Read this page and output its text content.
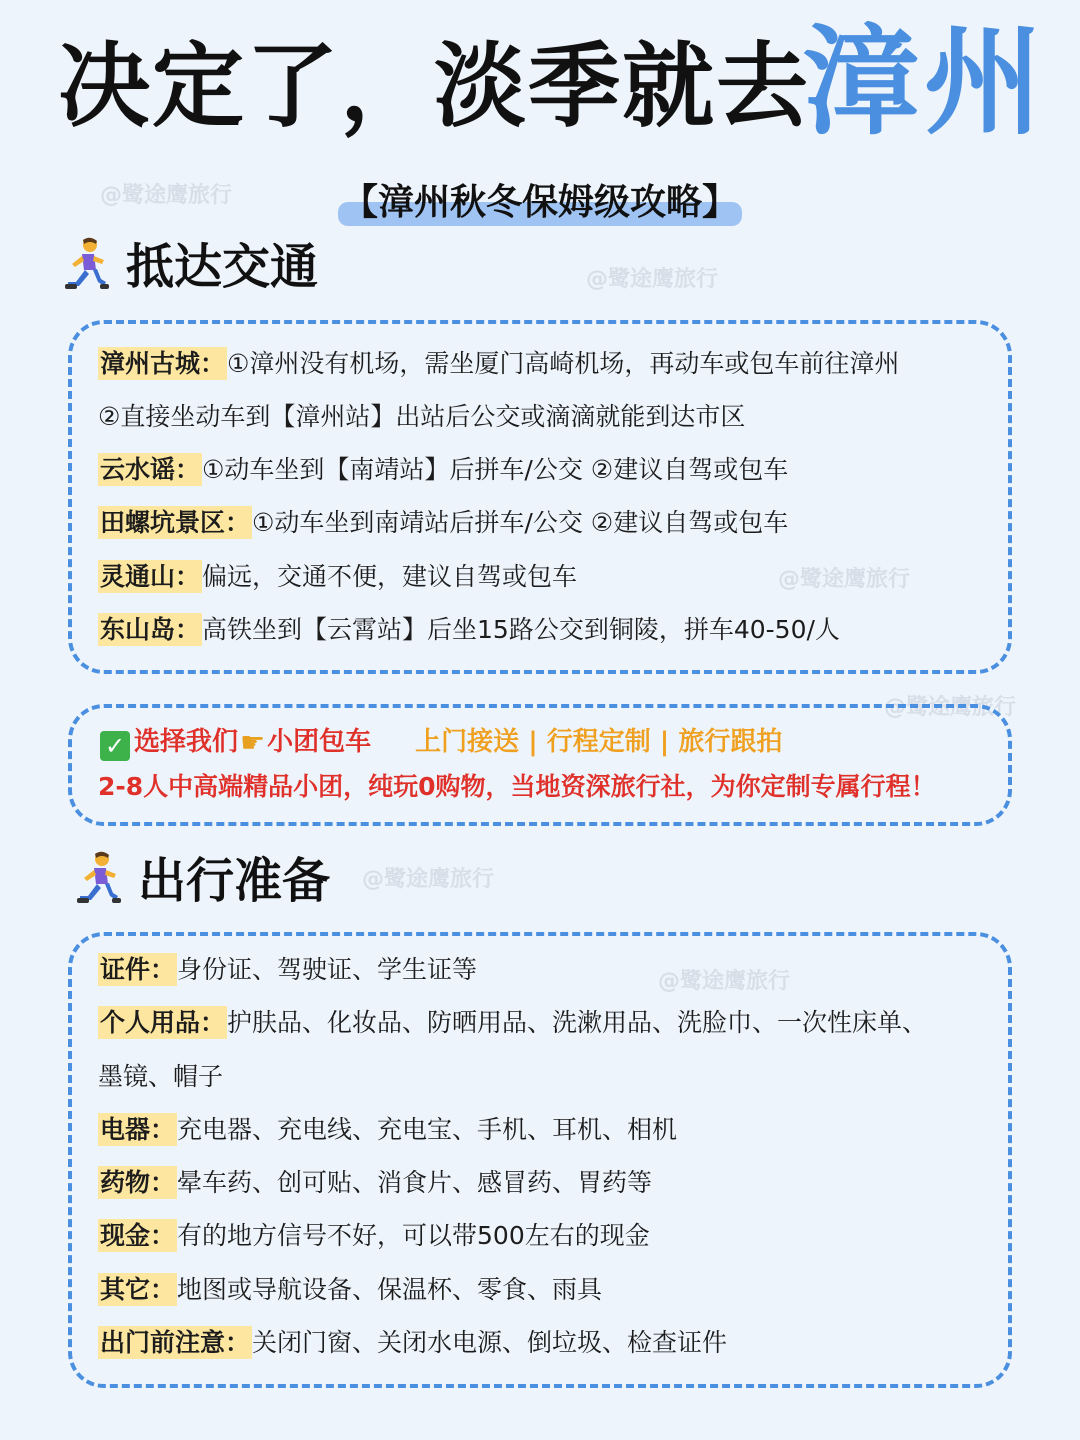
决定了，淡季就去
漳州
@鹭途鹰旅行
@鹭途鹰旅行
@鹭途鹰旅行
@鹭途鹰旅行
@鹭途鹰旅行
@鹭途鹰旅行
【漳州秋冬保姆级攻略】
抵达交通
漳州古城：①漳州没有机场，需坐厦门高崎机场，再动车或包车前往漳州
②直接坐动车到【漳州站】出站后公交或滴滴就能到达市区
云水谣：①动车坐到【南靖站】后拼车/公交 ②建议自驾或包车
田螺坑景区：①动车坐到南靖站后拼车/公交 ②建议自驾或包车
灵通山：偏远，交通不便，建议自驾或包车
东山岛：高铁坐到【云霄站】后坐15路公交到铜陵，拼车40-50/人
✓ 选择我们☛小团包车 上门接送 | 行程定制 | 旅行跟拍
2-8人中高端精品小团，纯玩0购物，当地资深旅行社，为你定制专属行程！
出行准备
证件：身份证、驾驶证、学生证等
个人用品：护肤品、化妆品、防晒用品、洗漱用品、洗脸巾、一次性床单、
墨镜、帽子
电器：充电器、充电线、充电宝、手机、耳机、相机
药物：晕车药、创可贴、消食片、感冒药、胃药等
现金：有的地方信号不好，可以带500左右的现金
其它：地图或导航设备、保温杯、零食、雨具
出门前注意：关闭门窗、关闭水电源、倒垃圾、检查证件
